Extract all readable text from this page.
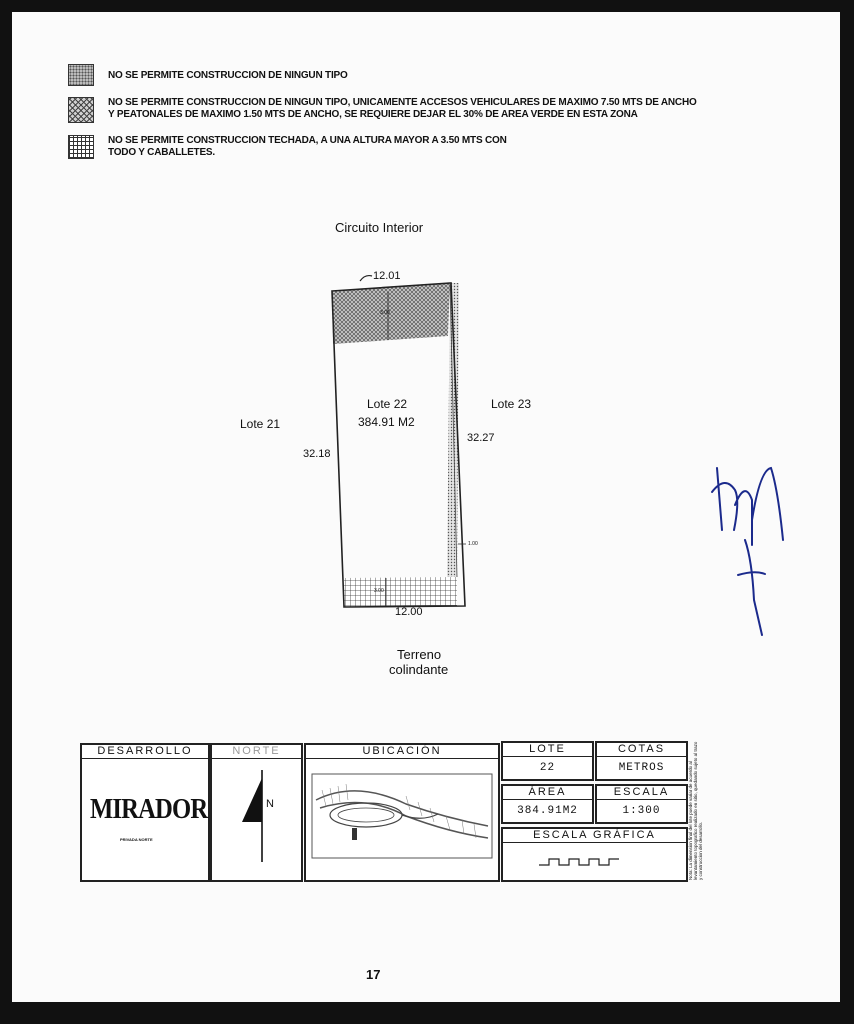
NO SE PERMITE CONSTRUCCION DE NINGUN TIPO
NO SE PERMITE CONSTRUCCION DE NINGUN TIPO, UNICAMENTE ACCESOS VEHICULARES DE MAXIMO 7.50 MTS DE ANCHO Y PEATONALES DE MAXIMO 1.50 MTS DE ANCHO, SE REQUIERE DEJAR EL 30% DE AREA VERDE EN ESTA ZONA
NO SE PERMITE CONSTRUCCION TECHADA, A UNA ALTURA MAYOR A 3.50 MTS CON TODO Y CABALLETES.
Circuito Interior
12.01
Lote 22
384.91 M2
Lote 21
Lote 23
32.18
32.27
12.00
3.00
3.00
1.00
Terreno
colindante
DESARROLLO
MIRADOR
PRIVADA NORTE
NORTE
N
UBICACIÓN	LOTE
22
COTAS
METROS
ÁREA
384.91M2
ESCALA
1:300
ESCALA GRÁFICA	Nota: La dimension final del lote puede variar de acuerdo al levantamiento topografico realizado en sitio, quedando sujeto al trazo y construccion del desarrollo.
17
